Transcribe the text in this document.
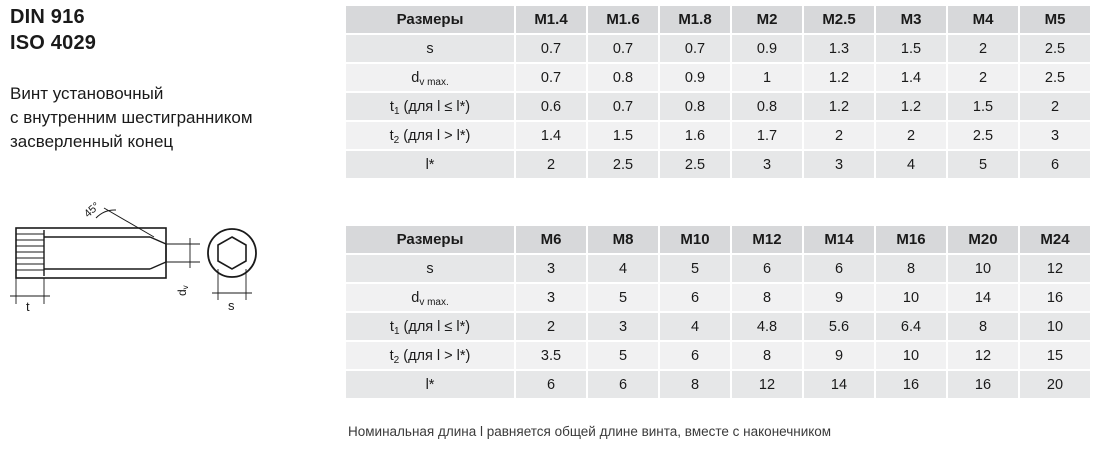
DIN 916
ISO 4029
Винт установочный
с внутренним шестигранником
засверленный конец
45°
t
dv
s
Размеры	M1.4	M1.6	M1.8	M2	M2.5	M3	M4	M5
s	0.7	0.7	0.7	0.9	1.3	1.5	2	2.5
$d_{v max.}$	0.7	0.8	0.9	1	1.2	1.4	2	2.5
$t_1$ (для l ≤ l*)	0.6	0.7	0.8	0.8	1.2	1.2	1.5	2
$t_2$ (для l > l*)	1.4	1.5	1.6	1.7	2	2	2.5	3
l*	2	2.5	2.5	3	3	4	5	6
Размеры	M6	M8	M10	M12	M14	M16	M20	M24
s	3	4	5	6	6	8	10	12
$d_{v max.}$	3	5	6	8	9	10	14	16
$t_1$ (для l ≤ l*)	2	3	4	4.8	5.6	6.4	8	10
$t_2$ (для l > l*)	3.5	5	6	8	9	10	12	15
l*	6	6	8	12	14	16	16	20
Номинальная длина l равняется общей длине винта, вместе с наконечником
